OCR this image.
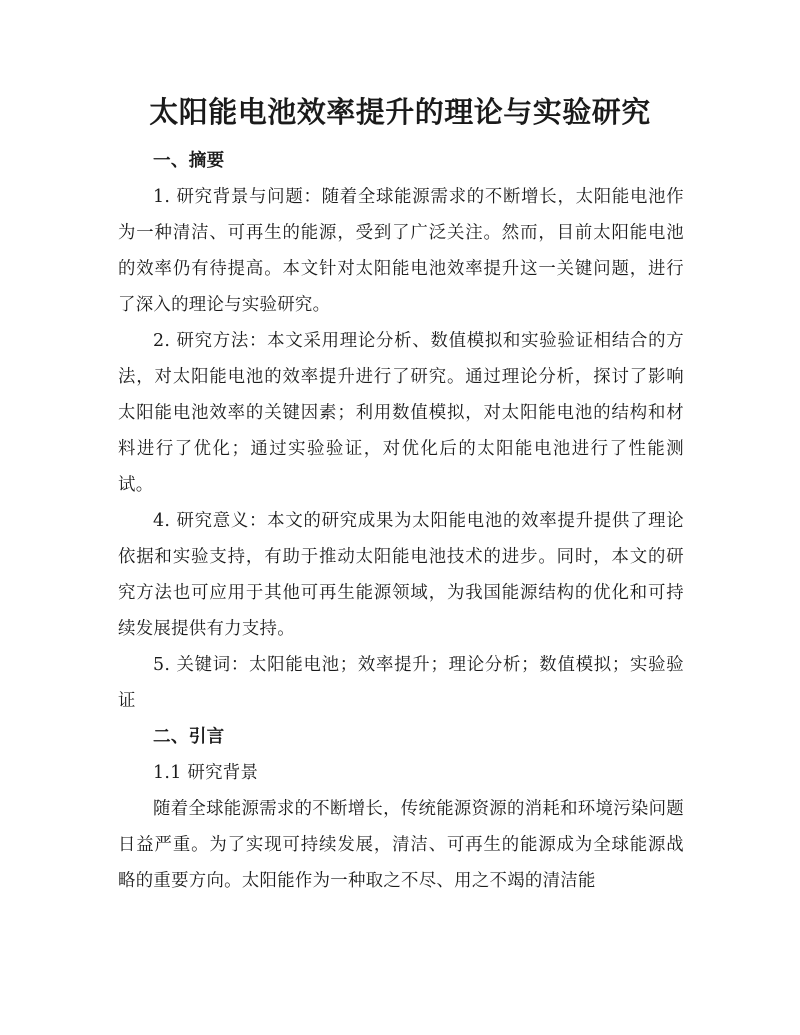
太阳能电池效率提升的理论与实验研究

一、摘要

1. 研究背景与问题：随着全球能源需求的不断增长，太阳能电池作为一种清洁、可再生的能源，受到了广泛关注。然而，目前太阳能电池的效率仍有待提高。本文针对太阳能电池效率提升这一关键问题，进行了深入的理论与实验研究。

2. 研究方法：本文采用理论分析、数值模拟和实验验证相结合的方法，对太阳能电池的效率提升进行了研究。通过理论分析，探讨了影响太阳能电池效率的关键因素；利用数值模拟，对太阳能电池的结构和材料进行了优化；通过实验验证，对优化后的太阳能电池进行了性能测试。

4. 研究意义：本文的研究成果为太阳能电池的效率提升提供了理论依据和实验支持，有助于推动太阳能电池技术的进步。同时，本文的研究方法也可应用于其他可再生能源领域，为我国能源结构的优化和可持续发展提供有力支持。

5. 关键词：太阳能电池；效率提升；理论分析；数值模拟；实验验证

二、引言

1.1 研究背景

随着全球能源需求的不断增长，传统能源资源的消耗和环境污染问题日益严重。为了实现可持续发展，清洁、可再生的能源成为全球能源战略的重要方向。太阳能作为一种取之不尽、用之不竭的清洁能
